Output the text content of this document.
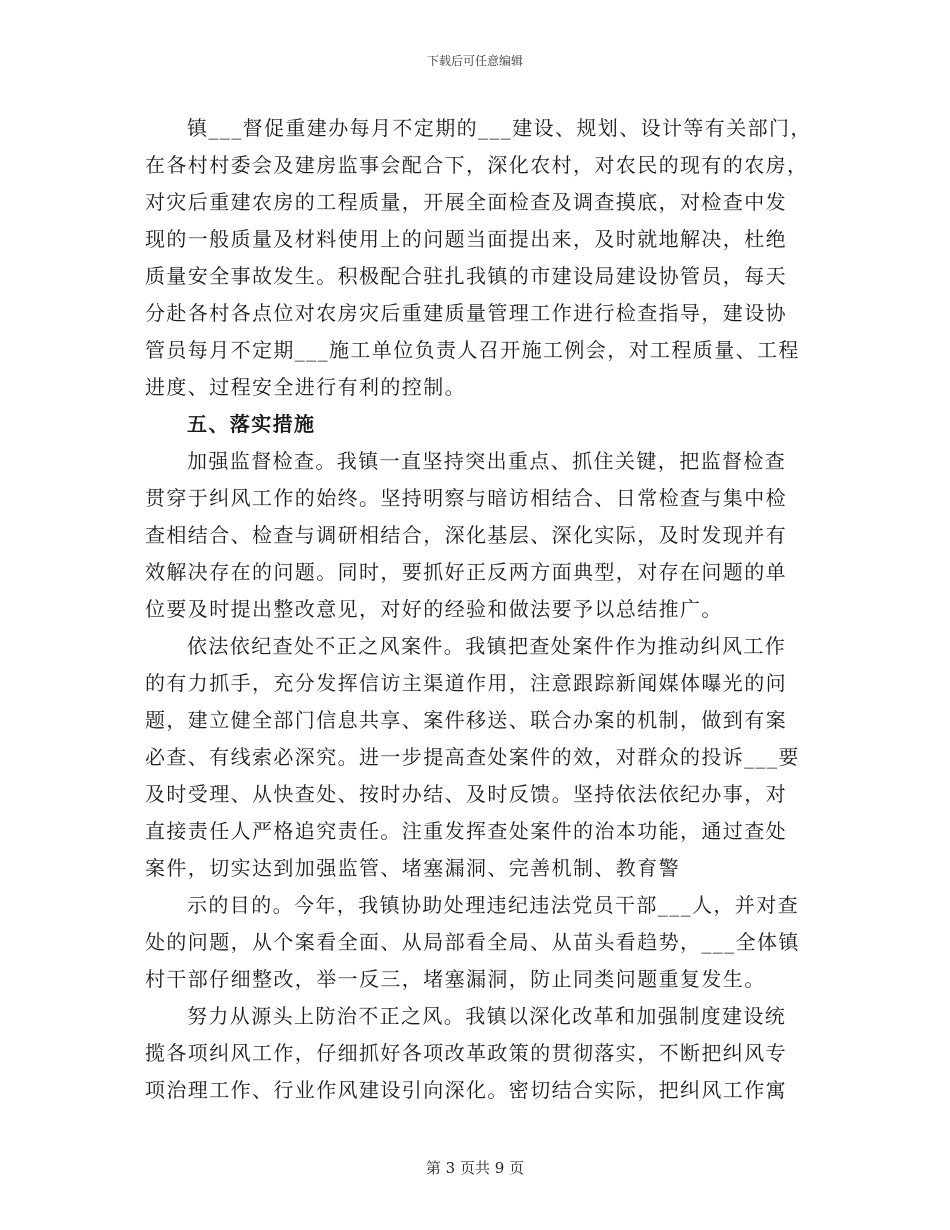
下载后可任意编辑
镇___督促重建办每月不定期的___建设、规划、设计等有关部门，
在各村村委会及建房监事会配合下，深化农村，对农民的现有的农房，
对灾后重建农房的工程质量，开展全面检查及调查摸底，对检查中发
现的一般质量及材料使用上的问题当面提出来，及时就地解决，杜绝
质量安全事故发生。积极配合驻扎我镇的市建设局建设协管员，每天
分赴各村各点位对农房灾后重建质量管理工作进行检查指导，建设协
管员每月不定期___施工单位负责人召开施工例会，对工程质量、工程
进度、过程安全进行有利的控制。
五、落实措施
加强监督检查。我镇一直坚持突出重点、抓住关键，把监督检查
贯穿于纠风工作的始终。坚持明察与暗访相结合、日常检查与集中检
查相结合、检查与调研相结合，深化基层、深化实际，及时发现并有
效解决存在的问题。同时，要抓好正反两方面典型，对存在问题的单
位要及时提出整改意见，对好的经验和做法要予以总结推广。
依法依纪查处不正之风案件。我镇把查处案件作为推动纠风工作
的有力抓手，充分发挥信访主渠道作用，注意跟踪新闻媒体曝光的问
题，建立健全部门信息共享、案件移送、联合办案的机制，做到有案
必查、有线索必深究。进一步提高查处案件的效，对群众的投诉___要
及时受理、从快查处、按时办结、及时反馈。坚持依法依纪办事，对
直接责任人严格追究责任。注重发挥查处案件的治本功能，通过查处
案件，切实达到加强监管、堵塞漏洞、完善机制、教育警
示的目的。今年，我镇协助处理违纪违法党员干部___人，并对查
处的问题，从个案看全面、从局部看全局、从苗头看趋势，___全体镇
村干部仔细整改，举一反三，堵塞漏洞，防止同类问题重复发生。
努力从源头上防治不正之风。我镇以深化改革和加强制度建设统
揽各项纠风工作，仔细抓好各项改革政策的贯彻落实，不断把纠风专
项治理工作、行业作风建设引向深化。密切结合实际，把纠风工作寓
第 3 页共 9 页
